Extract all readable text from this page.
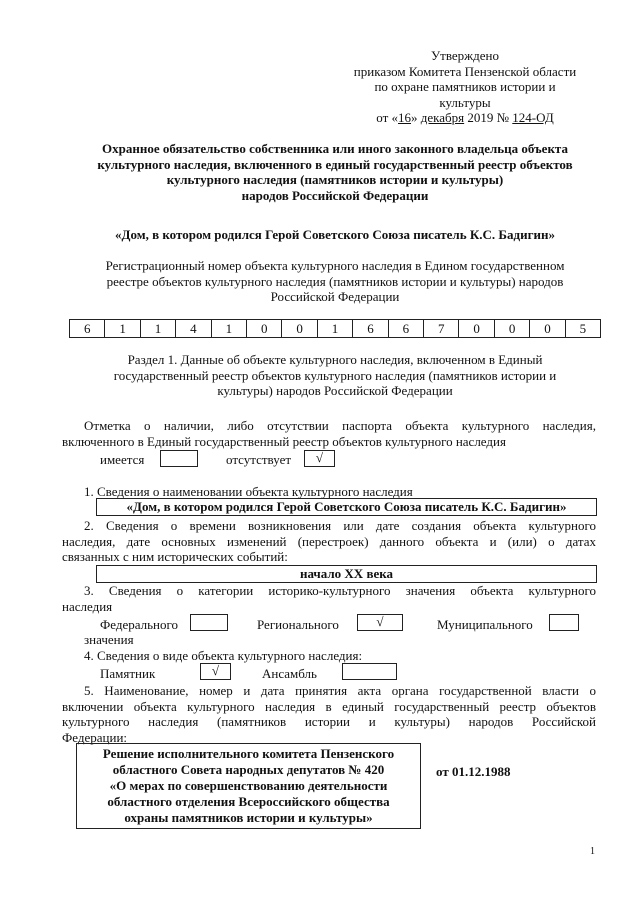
Утверждено
приказом Комитета Пензенской области
по охране памятников истории и
культуры
от «16» декабря 2019 № 124-ОД
Охранное обязательство собственника или иного законного владельца объекта
культурного наследия, включенного в единый государственный реестр объектов
культурного наследия (памятников истории и культуры)
народов Российской Федерации
«Дом, в котором родился Герой Советского Союза писатель К.С. Бадигин»
Регистрационный номер объекта культурного наследия в Едином государственном
реестре объектов культурного наследия (памятников истории и культуры) народов
Российской Федерации
6	1	1	4	1	0	0	1	6	6	7	0	0	0	5
Раздел 1. Данные об объекте культурного наследия, включенном в Единый
государственный реестр объектов культурного наследия (памятников истории и
культуры) народов Российской Федерации
Отметка о наличии, либо отсутствии паспорта объекта культурного наследия,
включенного в Единый государственный реестр объектов культурного наследия
имеется	отсутствует	√
1. Сведения о наименовании объекта культурного наследия
«Дом, в котором родился Герой Советского Союза писатель К.С. Бадигин»
2. Сведения о времени возникновения или дате создания объекта культурного
наследия, дате основных изменений (перестроек) данного объекта и (или) о датах
связанных с ним исторических событий:
начало XX века
3. Сведения о категории историко-культурного значения объекта культурного
наследия
Федерального	Регионального	√	Муниципального
значения
4. Сведения о виде объекта культурного наследия:
Памятник	√	Ансамбль
5. Наименование, номер и дата принятия акта органа государственной власти о
включении объекта культурного наследия в единый государственный реестр объектов
культурного наследия (памятников истории и культуры) народов Российской
Федерации:
Решение исполнительного комитета Пензенского
областного Совета народных депутатов № 420
«О мерах по совершенствованию деятельности
областного отделения Всероссийского общества
охраны памятников истории и культуры»
от 01.12.1988
1
